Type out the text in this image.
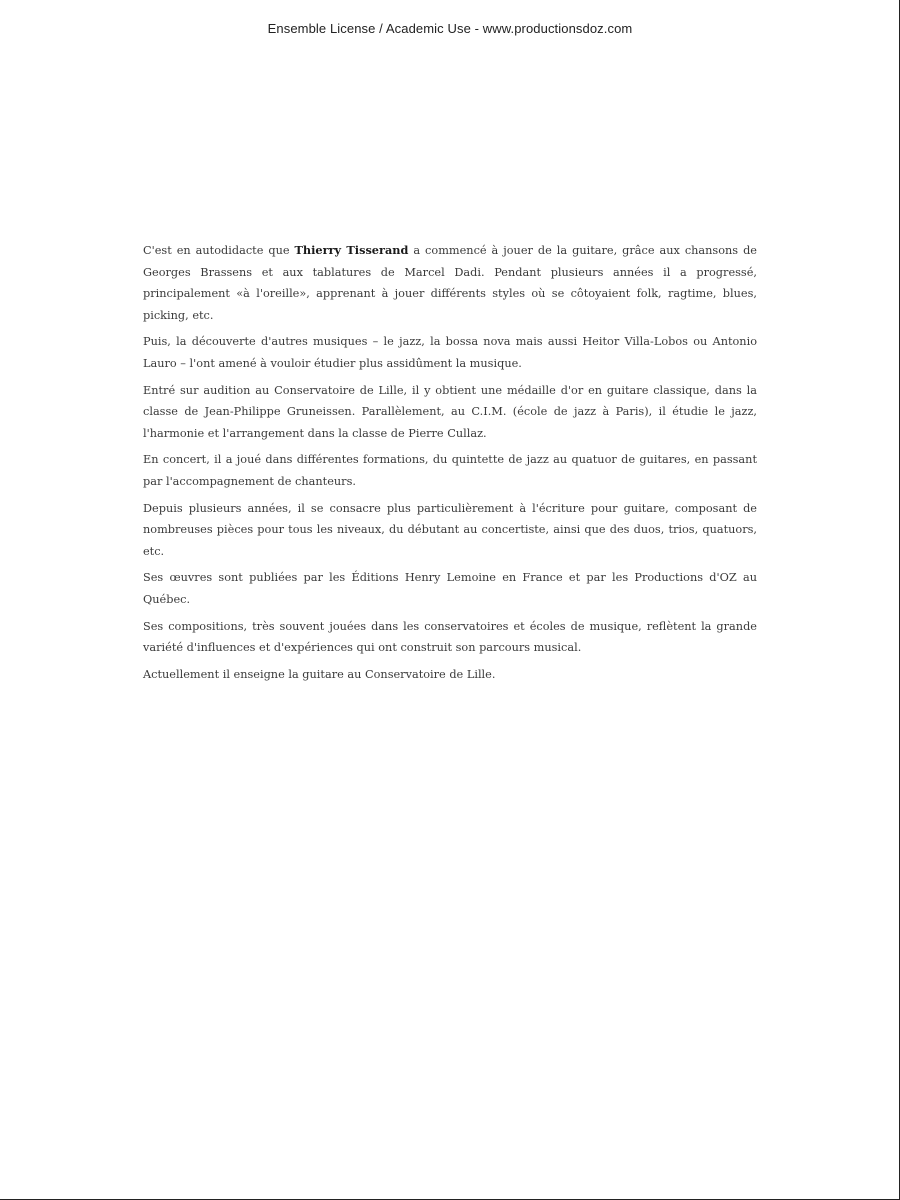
Ensemble License / Academic Use - www.productionsdoz.com

C'est en autodidacte que Thierry Tisserand a commencé à jouer de la guitare, grâce aux chansons de Georges Brassens et aux tablatures de Marcel Dadi. Pendant plusieurs années il a progressé, principalement «à l'oreille», apprenant à jouer différents styles où se côtoyaient folk, ragtime, blues, picking, etc.

Puis, la découverte d'autres musiques – le jazz, la bossa nova mais aussi Heitor Villa-Lobos ou Antonio Lauro – l'ont amené à vouloir étudier plus assidûment la musique.

Entré sur audition au Conservatoire de Lille, il y obtient une médaille d'or en guitare classique, dans la classe de Jean-Philippe Gruneissen. Parallèlement, au C.I.M. (école de jazz à Paris), il étudie le jazz, l'harmonie et l'arrangement dans la classe de Pierre Cullaz.

En concert, il a joué dans différentes formations, du quintette de jazz au quatuor de guitares, en passant par l'accompagnement de chanteurs.

Depuis plusieurs années, il se consacre plus particulièrement à l'écriture pour guitare, composant de nombreuses pièces pour tous les niveaux, du débutant au concertiste, ainsi que des duos, trios, quatuors, etc.

Ses œuvres sont publiées par les Éditions Henry Lemoine en France et par les Productions d'OZ au Québec.

Ses compositions, très souvent jouées dans les conservatoires et écoles de musique, reflètent la grande variété d'influences et d'expériences qui ont construit son parcours musical.

Actuellement il enseigne la guitare au Conservatoire de Lille.
